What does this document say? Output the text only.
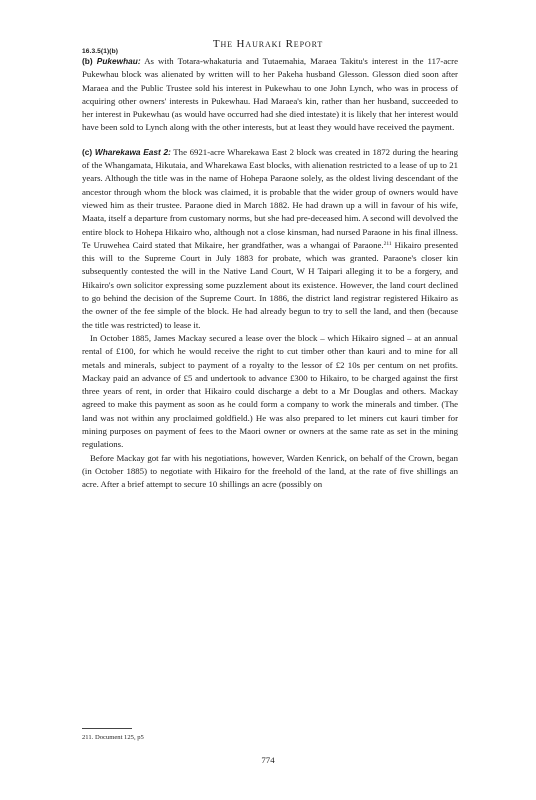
16.3.5(1)(b)
The Hauraki Report

(b) Pukewhau: As with Totara-whakaturia and Tutaemahia, Maraea Takitu's interest in the 117-acre Pukewhau block was alienated by written will to her Pakeha husband Glesson. Glesson died soon after Maraea and the Public Trustee sold his interest in Pukewhau to one John Lynch, who was in process of acquiring other owners' interests in Pukewhau. Had Maraea's kin, rather than her husband, succeeded to her interest in Pukewhau (as would have occurred had she died intestate) it is likely that her interest would have been sold to Lynch along with the other interests, but at least they would have received the payment.

(c) Wharekawa East 2: The 6921-acre Wharekawa East 2 block was created in 1872 during the hearing of the Whangamata, Hikutaia, and Wharekawa East blocks, with alienation restricted to a lease of up to 21 years. Although the title was in the name of Hohepa Paraone solely, as the oldest living descendant of the ancestor through whom the block was claimed, it is probable that the wider group of owners would have viewed him as their trustee. Paraone died in March 1882. He had drawn up a will in favour of his wife, Maata, itself a departure from customary norms, but she had pre-deceased him. A second will devolved the entire block to Hohepa Hikairo who, although not a close kinsman, had nursed Paraone in his final illness. Te Uruwehea Caird stated that Mikaire, her grandfather, was a whangai of Paraone.$^{211}$ Hikairo presented this will to the Supreme Court in July 1883 for probate, which was granted. Paraone's closer kin subsequently contested the will in the Native Land Court, W H Taipari alleging it to be a forgery, and Hikairo's own solicitor expressing some puzzlement about its existence. However, the land court declined to go behind the decision of the Supreme Court. In 1886, the district land registrar registered Hikairo as the owner of the fee simple of the block. He had already begun to try to sell the land, and then (because the title was restricted) to lease it.

In October 1885, James Mackay secured a lease over the block – which Hikairo signed – at an annual rental of £100, for which he would receive the right to cut timber other than kauri and to mine for all metals and minerals, subject to payment of a royalty to the lessor of £2 10s per centum on net profits. Mackay paid an advance of £5 and undertook to advance £300 to Hikairo, to be charged against the first three years of rent, in order that Hikairo could discharge a debt to a Mr Douglas and others. Mackay agreed to make this payment as soon as he could form a company to work the minerals and timber. (The land was not within any proclaimed goldfield.) He was also prepared to let miners cut kauri timber for mining purposes on payment of fees to the Maori owner or owners at the same rate as set in the mining regulations.

Before Mackay got far with his negotiations, however, Warden Kenrick, on behalf of the Crown, began (in October 1885) to negotiate with Hikairo for the freehold of the land, at the rate of five shillings an acre. After a brief attempt to secure 10 shillings an acre (possibly on

211. Document 125, p5
774
